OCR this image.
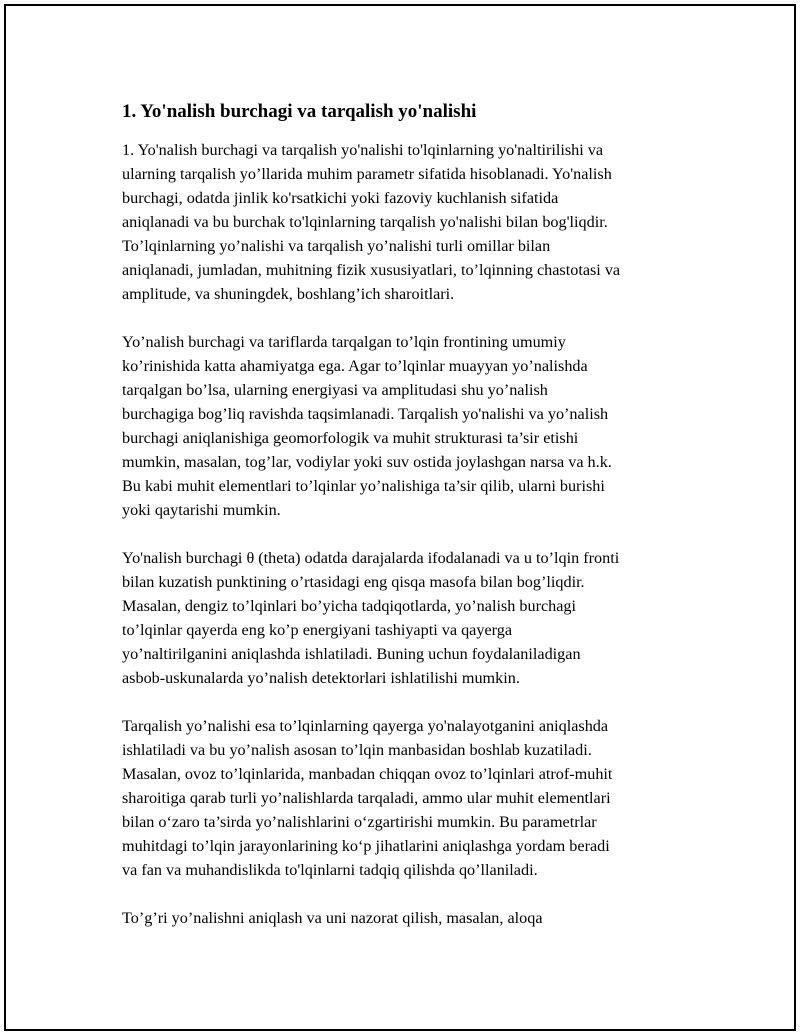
1. Yo'nalish burchagi va tarqalish yo'nalishi

1. Yo'nalish burchagi va tarqalish yo'nalishi to'lqinlarning yo'naltirilishi va
ularning tarqalish yo’llarida muhim parametr sifatida hisoblanadi. Yo'nalish
burchagi, odatda jinlik ko'rsatkichi yoki fazoviy kuchlanish sifatida
aniqlanadi va bu burchak to'lqinlarning tarqalish yo'nalishi bilan bog'liqdir.
To’lqinlarning yo’nalishi va tarqalish yo’nalishi turli omillar bilan
aniqlanadi, jumladan, muhitning fizik xususiyatlari, to’lqinning chastotasi va
amplitude, va shuningdek, boshlang’ich sharoitlari.

Yo’nalish burchagi va tariflarda tarqalgan to’lqin frontining umumiy
ko’rinishida katta ahamiyatga ega. Agar to’lqinlar muayyan yo’nalishda
tarqalgan bo’lsa, ularning energiyasi va amplitudasi shu yo’nalish
burchagiga bog’liq ravishda taqsimlanadi. Tarqalish yo'nalishi va yo’nalish
burchagi aniqlanishiga geomorfologik va muhit strukturasi ta’sir etishi
mumkin, masalan, tog’lar, vodiylar yoki suv ostida joylashgan narsa va h.k.
Bu kabi muhit elementlari to’lqinlar yo’nalishiga ta’sir qilib, ularni burishi
yoki qaytarishi mumkin.

Yo'nalish burchagi θ (theta) odatda darajalarda ifodalanadi va u to’lqin fronti
bilan kuzatish punktining o’rtasidagi eng qisqa masofa bilan bog’liqdir.
Masalan, dengiz to’lqinlari bo’yicha tadqiqotlarda, yo’nalish burchagi
to’lqinlar qayerda eng ko’p energiyani tashiyapti va qayerga
yo’naltirilganini aniqlashda ishlatiladi. Buning uchun foydalaniladigan
asbob-uskunalarda yo’nalish detektorlari ishlatilishi mumkin.

Tarqalish yo’nalishi esa to’lqinlarning qayerga yo'nalayotganini aniqlashda
ishlatiladi va bu yo’nalish asosan to’lqin manbasidan boshlab kuzatiladi.
Masalan, ovoz to’lqinlarida, manbadan chiqqan ovoz to’lqinlari atrof-muhit
sharoitiga qarab turli yo’nalishlarda tarqaladi, ammo ular muhit elementlari
bilan o‘zaro ta’sirda yo’nalishlarini o‘zgartirishi mumkin. Bu parametrlar
muhitdagi to’lqin jarayonlarining ko‘p jihatlarini aniqlashga yordam beradi
va fan va muhandislikda to'lqinlarni tadqiq qilishda qo’llaniladi.

To’g’ri yo’nalishni aniqlash va uni nazorat qilish, masalan, aloqa
